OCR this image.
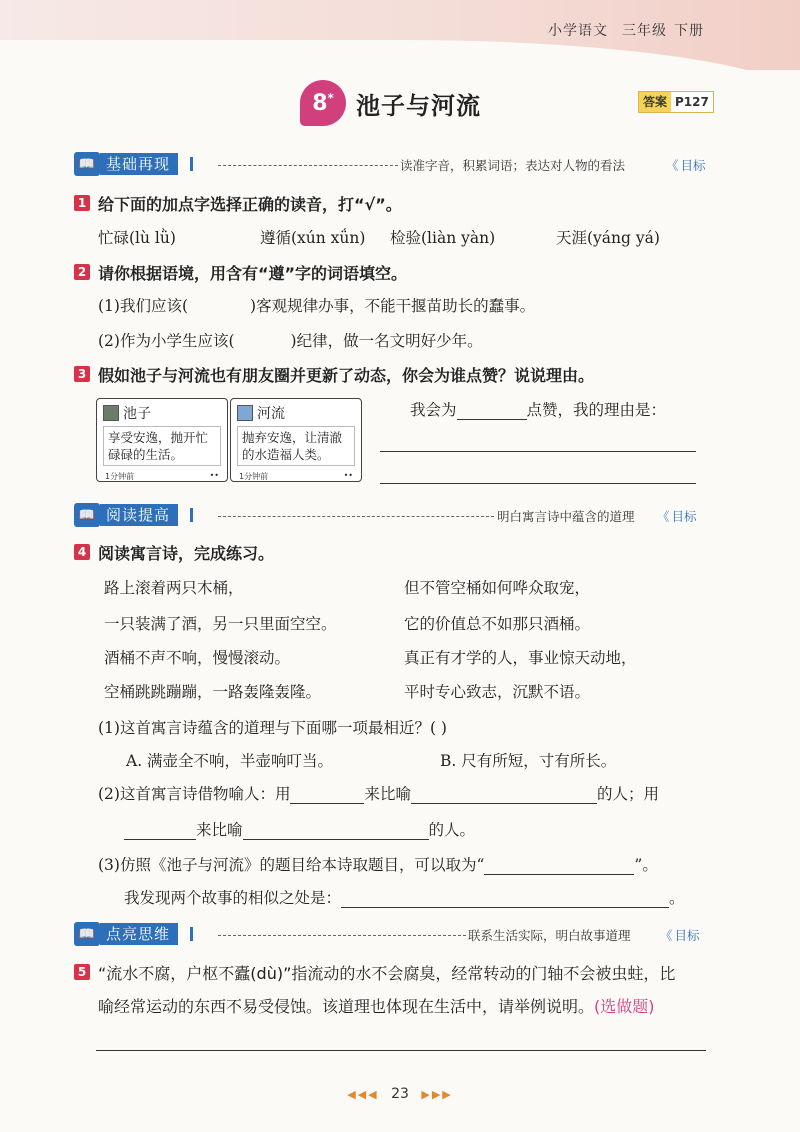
小学语文 三年级 下册
8* 池子与河流	答案 P127
📖 基础再现	读准字音，积累词语；表达对人物的看法	《 目标
1 给下面的加点字选择正确的读音，打“√”。
忙碌(lù lǜ)	遵循(xún xǘn) 检验(liàn yàn)	天涯(yáng yá)
2 请你根据语境，用含有“遵”字的词语填空。
(1)我们应该(	)客观规律办事，不能干揠苗助长的蠢事。
(2)作为小学生应该(	)纪律，做一名文明好少年。
3 假如池子与河流也有朋友圈并更新了动态，你会为谁点赞？说说理由。
池子
享受安逸，抛开忙碌碌的生活。
1分钟前	••
河流
抛弃安逸，让清澈的水造福人类。
1分钟前	••
我会为	点赞，我的理由是：
📖 阅读提高	明白寓言诗中蕴含的道理 《 目标
4 阅读寓言诗，完成练习。
路上滚着两只木桶，
一只装满了酒，另一只里面空空。
酒桶不声不响，慢慢滚动。
空桶跳跳蹦蹦，一路轰隆轰隆。
但不管空桶如何哗众取宠，
它的价值总不如那只酒桶。
真正有才学的人，事业惊天动地，
平时专心致志，沉默不语。
(1)这首寓言诗蕴含的道理与下面哪一项最相近？( )
A. 满壶全不响，半壶响叮当。	B. 尺有所短，寸有所长。
(2)这首寓言诗借物喻人：用	来比喻	的人；用
来比喻	的人。
(3)仿照《池子与河流》的题目给本诗取题目，可以取为“	”。
我发现两个故事的相似之处是：	。
📖 点亮思维	联系生活实际，明白故事道理 《 目标
5 “流水不腐，户枢不蠹(dù)”指流动的水不会腐臭，经常转动的门轴不会被虫蛀，比
喻经常运动的东西不易受侵蚀。该道理也体现在生活中，请举例说明。(选做题)
◀◀◀ 23 ▶▶▶
